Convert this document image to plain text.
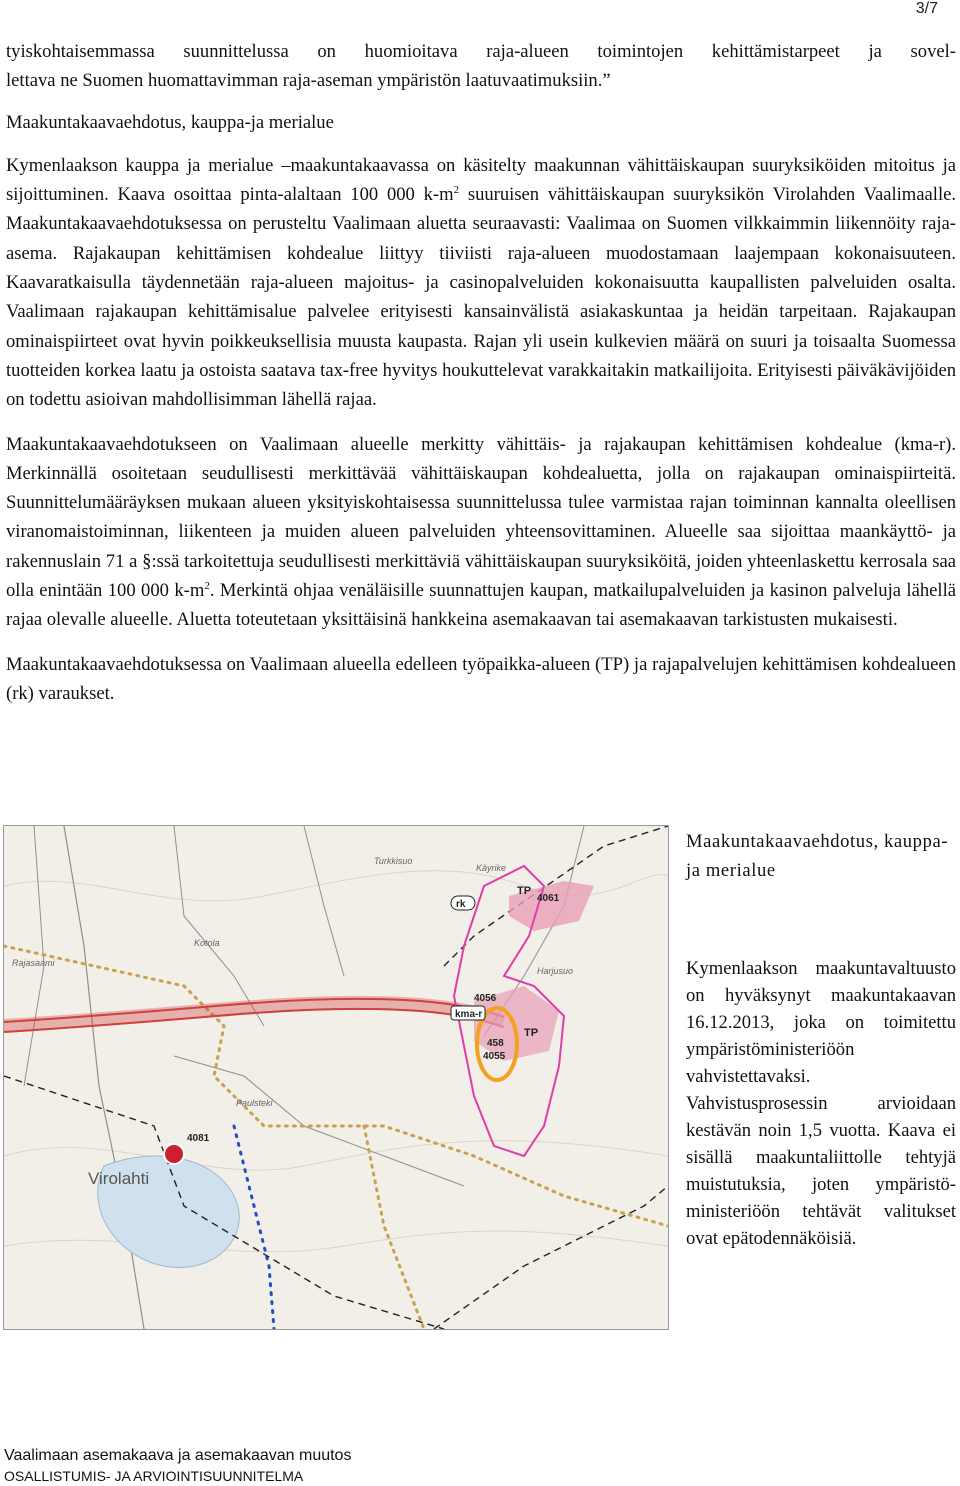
3/7

tyiskohtaisemmassa suunnittelussa on huomioitava raja-alueen toimintojen kehittämistarpeet ja sovel-

lettava ne Suomen huomattavimman raja-aseman ympäristön laatuvaatimuksiin.”

Maakuntakaavaehdotus, kauppa-ja merialue

Kymenlaakson kauppa ja merialue –maakuntakaavassa on käsitelty maakunnan vähittäiskaupan suuryksiköiden mitoitus ja sijoittuminen. Kaava osoittaa pinta-alaltaan 100 000 $k-m^2$ suuruisen vähittäiskaupan suuryksikön Virolahden Vaalimaalle. Maakuntakaavaehdotuksessa on perusteltu Vaalimaan aluetta seuraavasti: Vaalimaa on Suomen vilkkaimmin liikennöity raja-asema. Rajakaupan kehittämisen kohdealue liittyy tiiviisti raja-alueen muodostamaan laajempaan kokonaisuuteen. Kaavaratkaisulla täydennetään raja-alueen majoitus- ja casinopalveluiden kokonaisuutta kaupallisten palveluiden osalta. Vaalimaan rajakaupan kehittämisalue palvelee erityisesti kansainvälistä asiakaskuntaa ja heidän tarpeitaan. Rajakaupan ominaispiirteet ovat hyvin poikkeuksellisia muusta kaupasta. Rajan yli usein kulkevien määrä on suuri ja toisaalta Suomessa tuotteiden korkea laatu ja ostoista saatava tax-free hyvitys houkuttelevat varakkaitakin matkailijoita. Erityisesti päiväkävijöiden on todettu asioivan mahdollisimman lähellä rajaa.

Maakuntakaavaehdotukseen on Vaalimaan alueelle merkitty vähittäis- ja rajakaupan kehittämisen kohdealue (kma-r). Merkinnällä osoitetaan seudullisesti merkittävää vähittäiskaupan kohdealuetta, jolla on rajakaupan ominaispiirteitä. Suunnittelumääräyksen mukaan alueen yksityiskohtaisessa suunnittelussa tulee varmistaa rajan toiminnan kannalta oleellisen viranomaistoiminnan, liikenteen ja muiden alueen palveluiden yhteensovittaminen. Alueelle saa sijoittaa maankäyttö- ja rakennuslain 71 a §:ssä tarkoitettuja seudullisesti merkittäviä vähittäiskaupan suuryksiköitä, joiden yhteenlaskettu kerrosala saa olla enintään 100 000 $k-m^2$. Merkintä ohjaa venäläisille suunnattujen kaupan, matkailupalveluiden ja kasinon palveluja lähellä rajaa olevalle alueelle. Aluetta toteutetaan yksittäisinä hankkeina asemakaavan tai asemakaavan tarkistusten mukaisesti.

Maakuntakaavaehdotuksessa on Vaalimaan alueella edelleen työpaikka-alueen (TP) ja rajapalvelujen kehittämisen kohdealueen (rk) varaukset.

TP
4061
rk
4056
kma-r
TP
458
4055
4081
Virolahti
Turkkisuo
Käyrike
Harjusuo
Kotola
Paulsteki
Rajasaami

Maakuntakaavaehdotus, kauppa- ja merialue

Kymenlaakson maakuntavaltuusto on hyväksynyt maakuntakaavan 16.12.2013, joka on toimitettu ympäristöministeriöön vahvistettavaksi. Vahvistusprosessin arvioidaan kestävän noin 1,5 vuotta. Kaava ei sisällä maakuntaliittolle tehtyjä muistutuksia, joten ympäristö-ministeriöön tehtävät valitukset ovat epätodennäköisiä.

Vaalimaan asemakaava ja asemakaavan muutos
OSALLISTUMIS- JA ARVIOINTISUUNNITELMA
